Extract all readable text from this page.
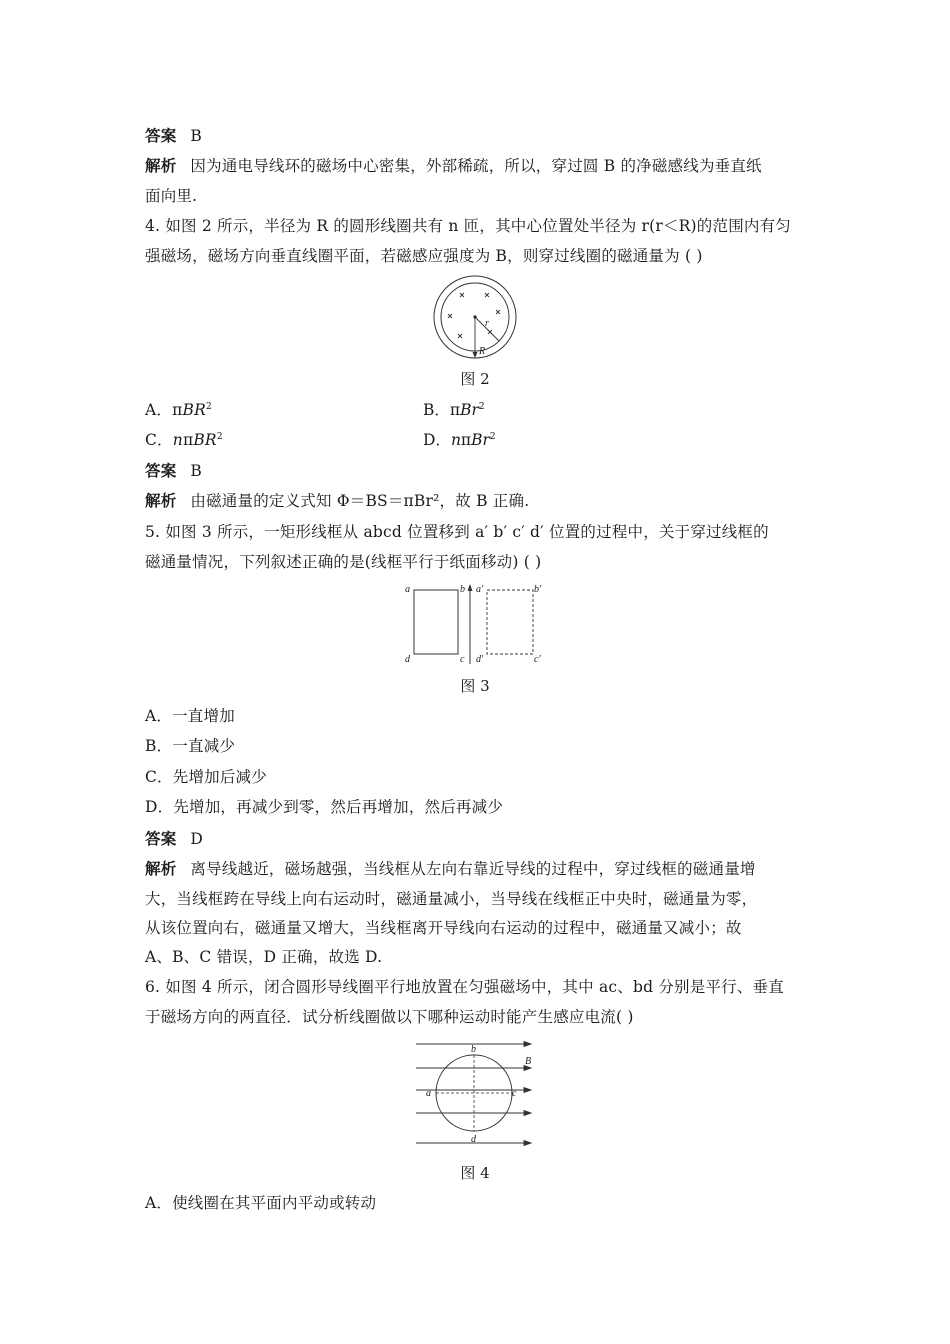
答案 B
解析 因为通电导线环的磁场中心密集，外部稀疏，所以，穿过圆 B 的净磁感线为垂直纸
面向里.
4. 如图 2 所示，半径为 R 的圆形线圈共有 n 匝，其中心位置处半径为 r(r＜R)的范围内有匀
强磁场，磁场方向垂直线圈平面，若磁感应强度为 B，则穿过线圈的磁通量为 ( )
r
R
图 2
A．πBR$^2$	B．πBr$^2$
C．nπBR$^2$	D．nπBr$^2$
答案 B
解析 由磁通量的定义式知 Φ＝BS＝πBr²，故 B 正确.
5. 如图 3 所示，一矩形线框从 abcd 位置移到 a′ b′ c′ d′ 位置的过程中，关于穿过线框的
磁通量情况，下列叙述正确的是(线框平行于纸面移动) ( )
a	b
d	c
a′	b′
d′	c′
图 3
A．一直增加
B．一直减少
C．先增加后减少
D．先增加，再减少到零，然后再增加，然后再减少
答案 D
解析 离导线越近，磁场越强，当线框从左向右靠近导线的过程中，穿过线框的磁通量增
大，当线框跨在导线上向右运动时，磁通量减小，当导线在线框正中央时，磁通量为零，
从该位置向右，磁通量又增大，当线框离开导线向右运动的过程中，磁通量又减小；故
A、B、C 错误，D 正确，故选 D.
6. 如图 4 所示，闭合圆形导线圈平行地放置在匀强磁场中，其中 ac、bd 分别是平行、垂直
于磁场方向的两直径．试分析线圈做以下哪种运动时能产生感应电流( )
b
a	c
d
B
图 4
A．使线圈在其平面内平动或转动
